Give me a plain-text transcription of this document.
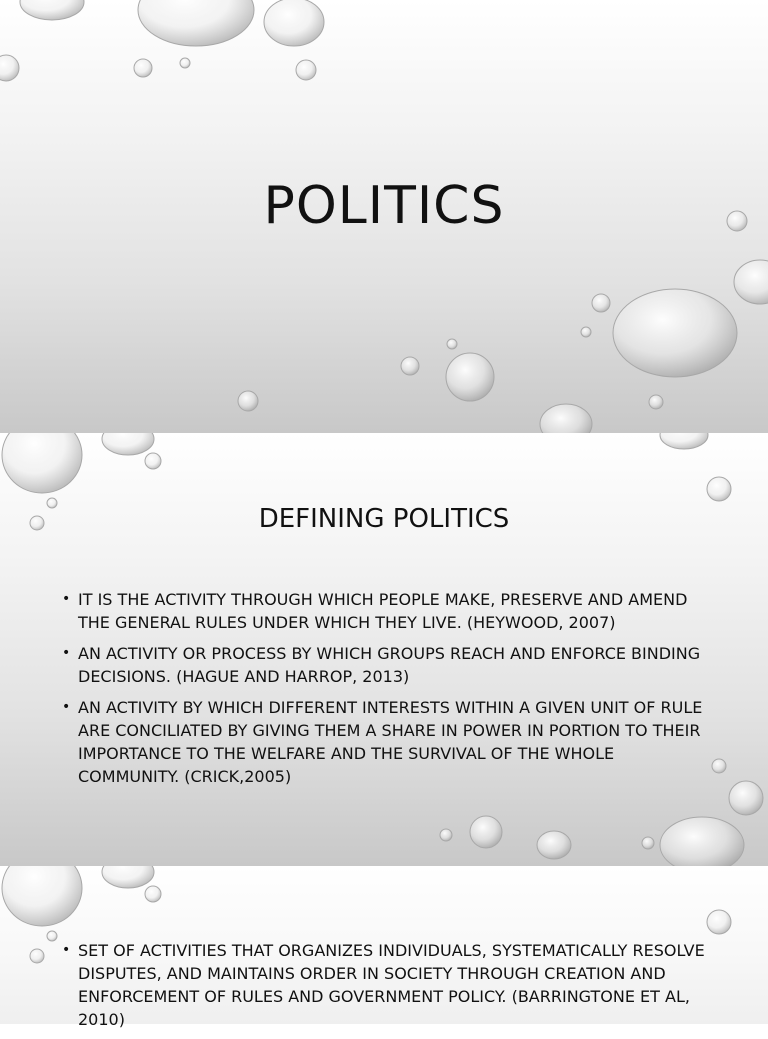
POLITICS
DEFINING POLITICS
• IT IS THE ACTIVITY THROUGH WHICH PEOPLE MAKE, PRESERVE AND AMEND THE GENERAL RULES UNDER WHICH THEY LIVE. (HEYWOOD, 2007)
• AN ACTIVITY OR PROCESS BY WHICH GROUPS REACH AND ENFORCE BINDING DECISIONS. (HAGUE AND HARROP, 2013)
• AN ACTIVITY BY WHICH DIFFERENT INTERESTS WITHIN A GIVEN UNIT OF RULE ARE CONCILIATED BY GIVING THEM A SHARE IN POWER IN PORTION TO THEIR IMPORTANCE TO THE WELFARE AND THE SURVIVAL OF THE WHOLE COMMUNITY. (CRICK,2005)
• SET OF ACTIVITIES THAT ORGANIZES INDIVIDUALS, SYSTEMATICALLY RESOLVE DISPUTES, AND MAINTAINS ORDER IN SOCIETY THROUGH CREATION AND ENFORCEMENT OF RULES AND GOVERNMENT POLICY. (BARRINGTONE ET AL, 2010)
